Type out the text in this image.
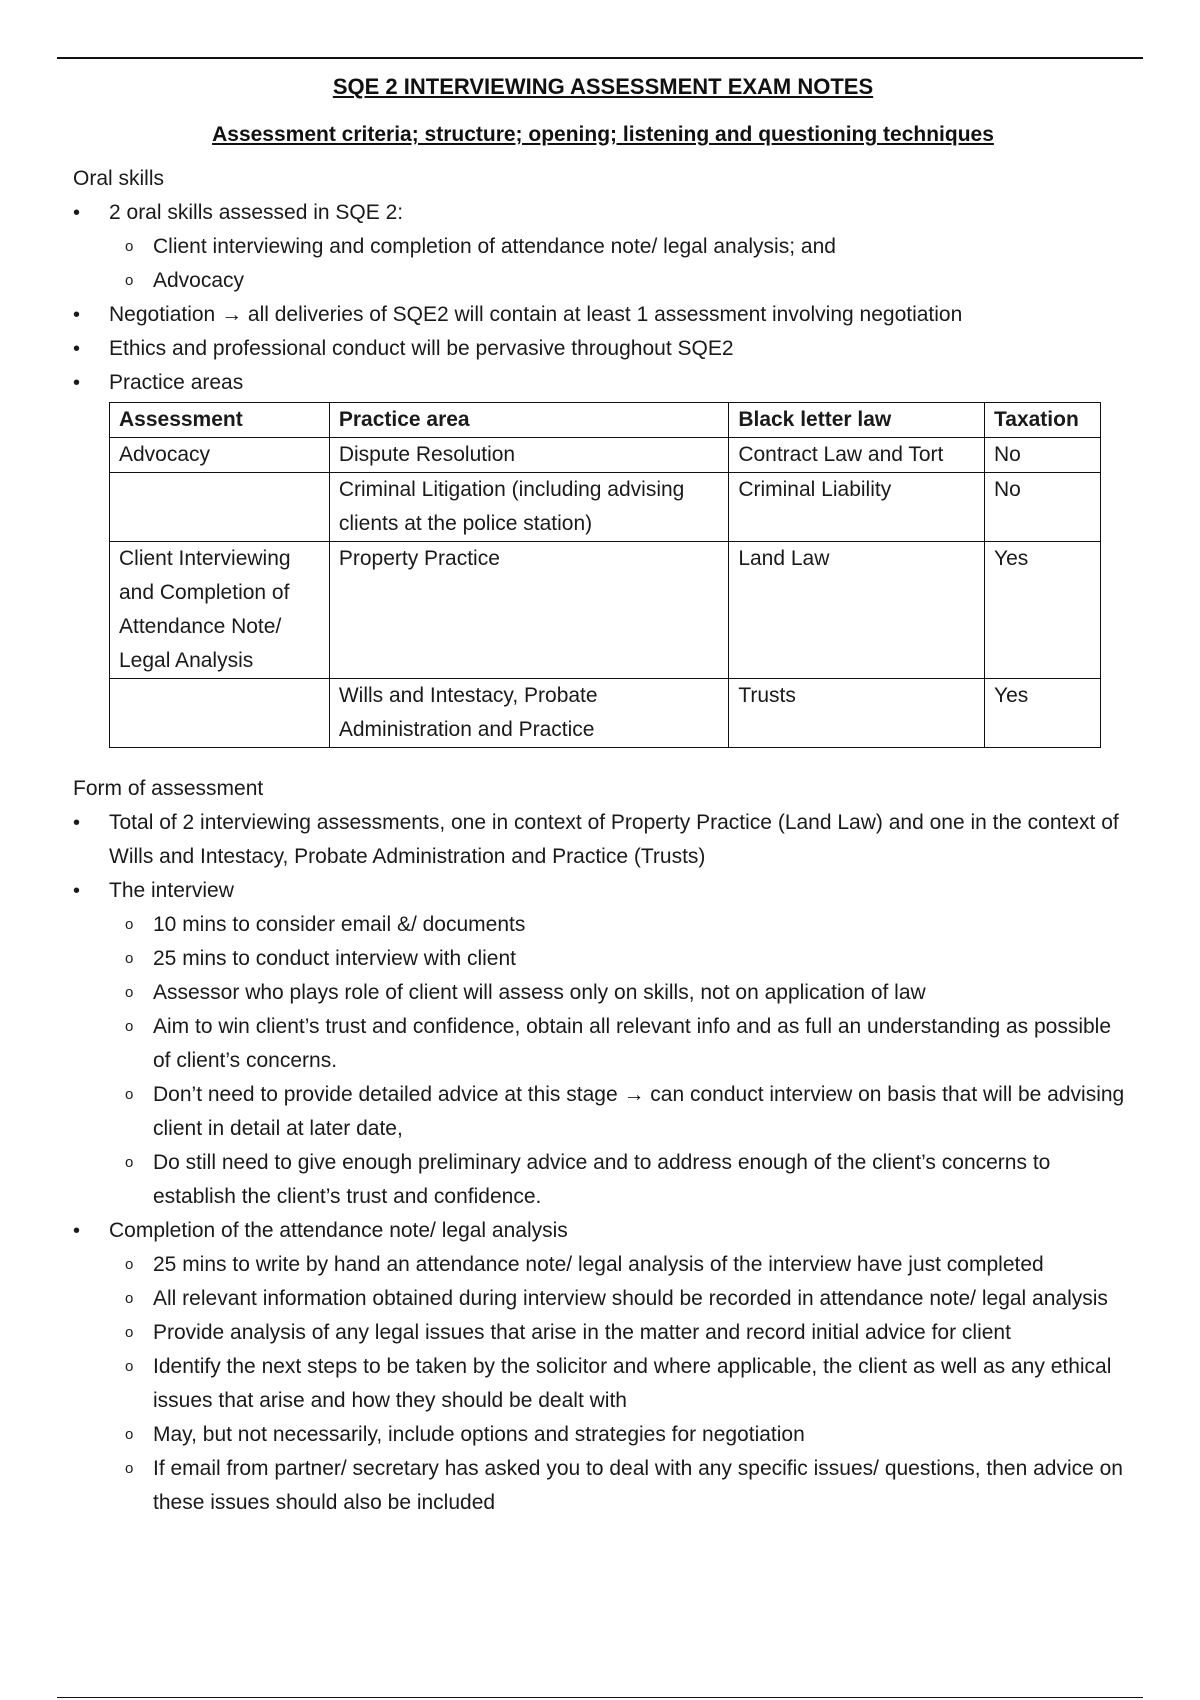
SQE 2 INTERVIEWING ASSESSMENT EXAM NOTES
Assessment criteria; structure; opening; listening and questioning techniques
Oral skills
• 2 oral skills assessed in SQE 2:
o Client interviewing and completion of attendance note/ legal analysis; and
o Advocacy
• Negotiation → all deliveries of SQE2 will contain at least 1 assessment involving negotiation
• Ethics and professional conduct will be pervasive throughout SQE2
• Practice areas
Assessment	Practice area	Black letter law	Taxation
Advocacy	Dispute Resolution	Contract Law and Tort	No
	Criminal Litigation (including advising clients at the police station)	Criminal Liability	No
Client Interviewing and Completion of Attendance Note/ Legal Analysis	Property Practice	Land Law	Yes
	Wills and Intestacy, Probate Administration and Practice	Trusts	Yes
Form of assessment
• Total of 2 interviewing assessments, one in context of Property Practice (Land Law) and one in the context of Wills and Intestacy, Probate Administration and Practice (Trusts)
• The interview
o 10 mins to consider email &/ documents
o 25 mins to conduct interview with client
o Assessor who plays role of client will assess only on skills, not on application of law
o Aim to win client’s trust and confidence, obtain all relevant info and as full an understanding as possible of client’s concerns.
o Don’t need to provide detailed advice at this stage → can conduct interview on basis that will be advising client in detail at later date,
o Do still need to give enough preliminary advice and to address enough of the client’s concerns to establish the client’s trust and confidence.
• Completion of the attendance note/ legal analysis
o 25 mins to write by hand an attendance note/ legal analysis of the interview have just completed
o All relevant information obtained during interview should be recorded in attendance note/ legal analysis
o Provide analysis of any legal issues that arise in the matter and record initial advice for client
o Identify the next steps to be taken by the solicitor and where applicable, the client as well as any ethical issues that arise and how they should be dealt with
o May, but not necessarily, include options and strategies for negotiation
o If email from partner/ secretary has asked you to deal with any specific issues/ questions, then advice on these issues should also be included
